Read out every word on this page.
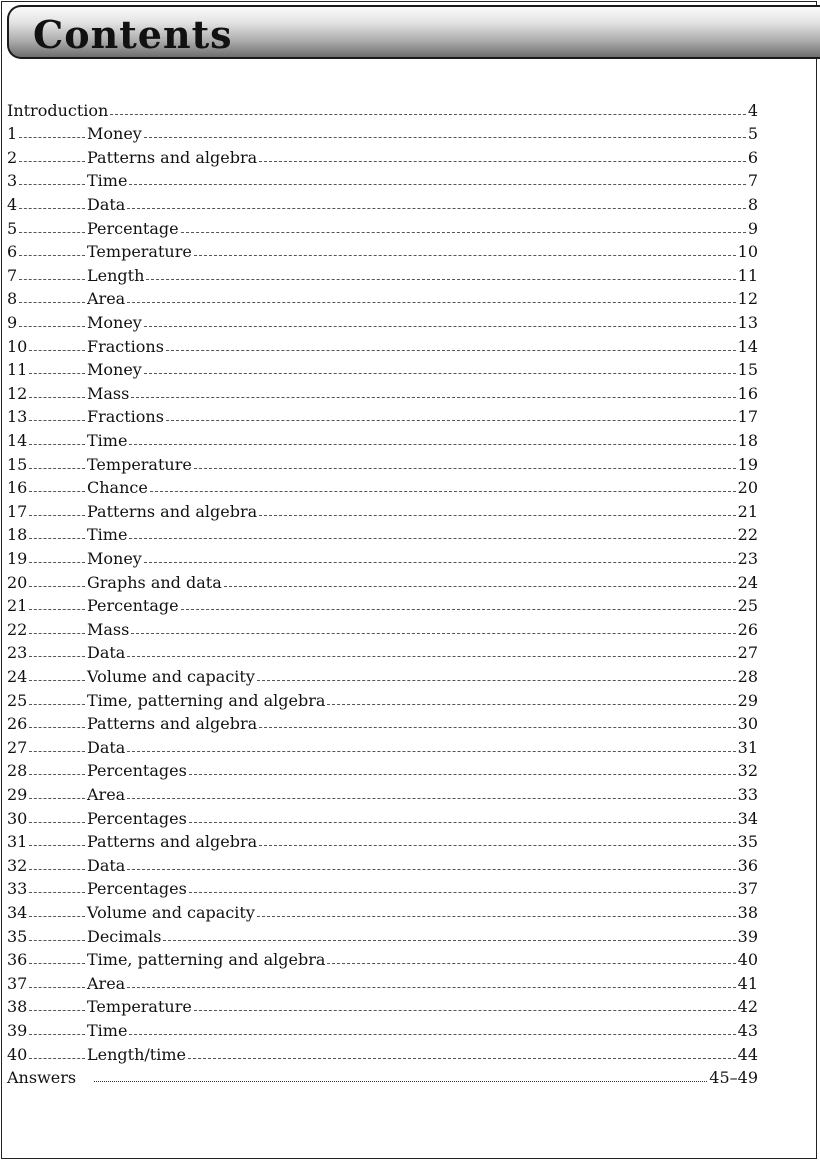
Contents
Introduction	4
1	Money	5
2	Patterns and algebra	6
3	Time	7
4	Data	8
5	Percentage	9
6	Temperature	10
7	Length	11
8	Area	12
9	Money	13
10	Fractions	14
11	Money	15
12	Mass	16
13	Fractions	17
14	Time	18
15	Temperature	19
16	Chance	20
17	Patterns and algebra	21
18	Time	22
19	Money	23
20	Graphs and data	24
21	Percentage	25
22	Mass	26
23	Data	27
24	Volume and capacity	28
25	Time, patterning and algebra	29
26	Patterns and algebra	30
27	Data	31
28	Percentages	32
29	Area	33
30	Percentages	34
31	Patterns and algebra	35
32	Data	36
33	Percentages	37
34	Volume and capacity	38
35	Decimals	39
36	Time, patterning and algebra	40
37	Area	41
38	Temperature	42
39	Time	43
40	Length/time	44
Answers	45–49
